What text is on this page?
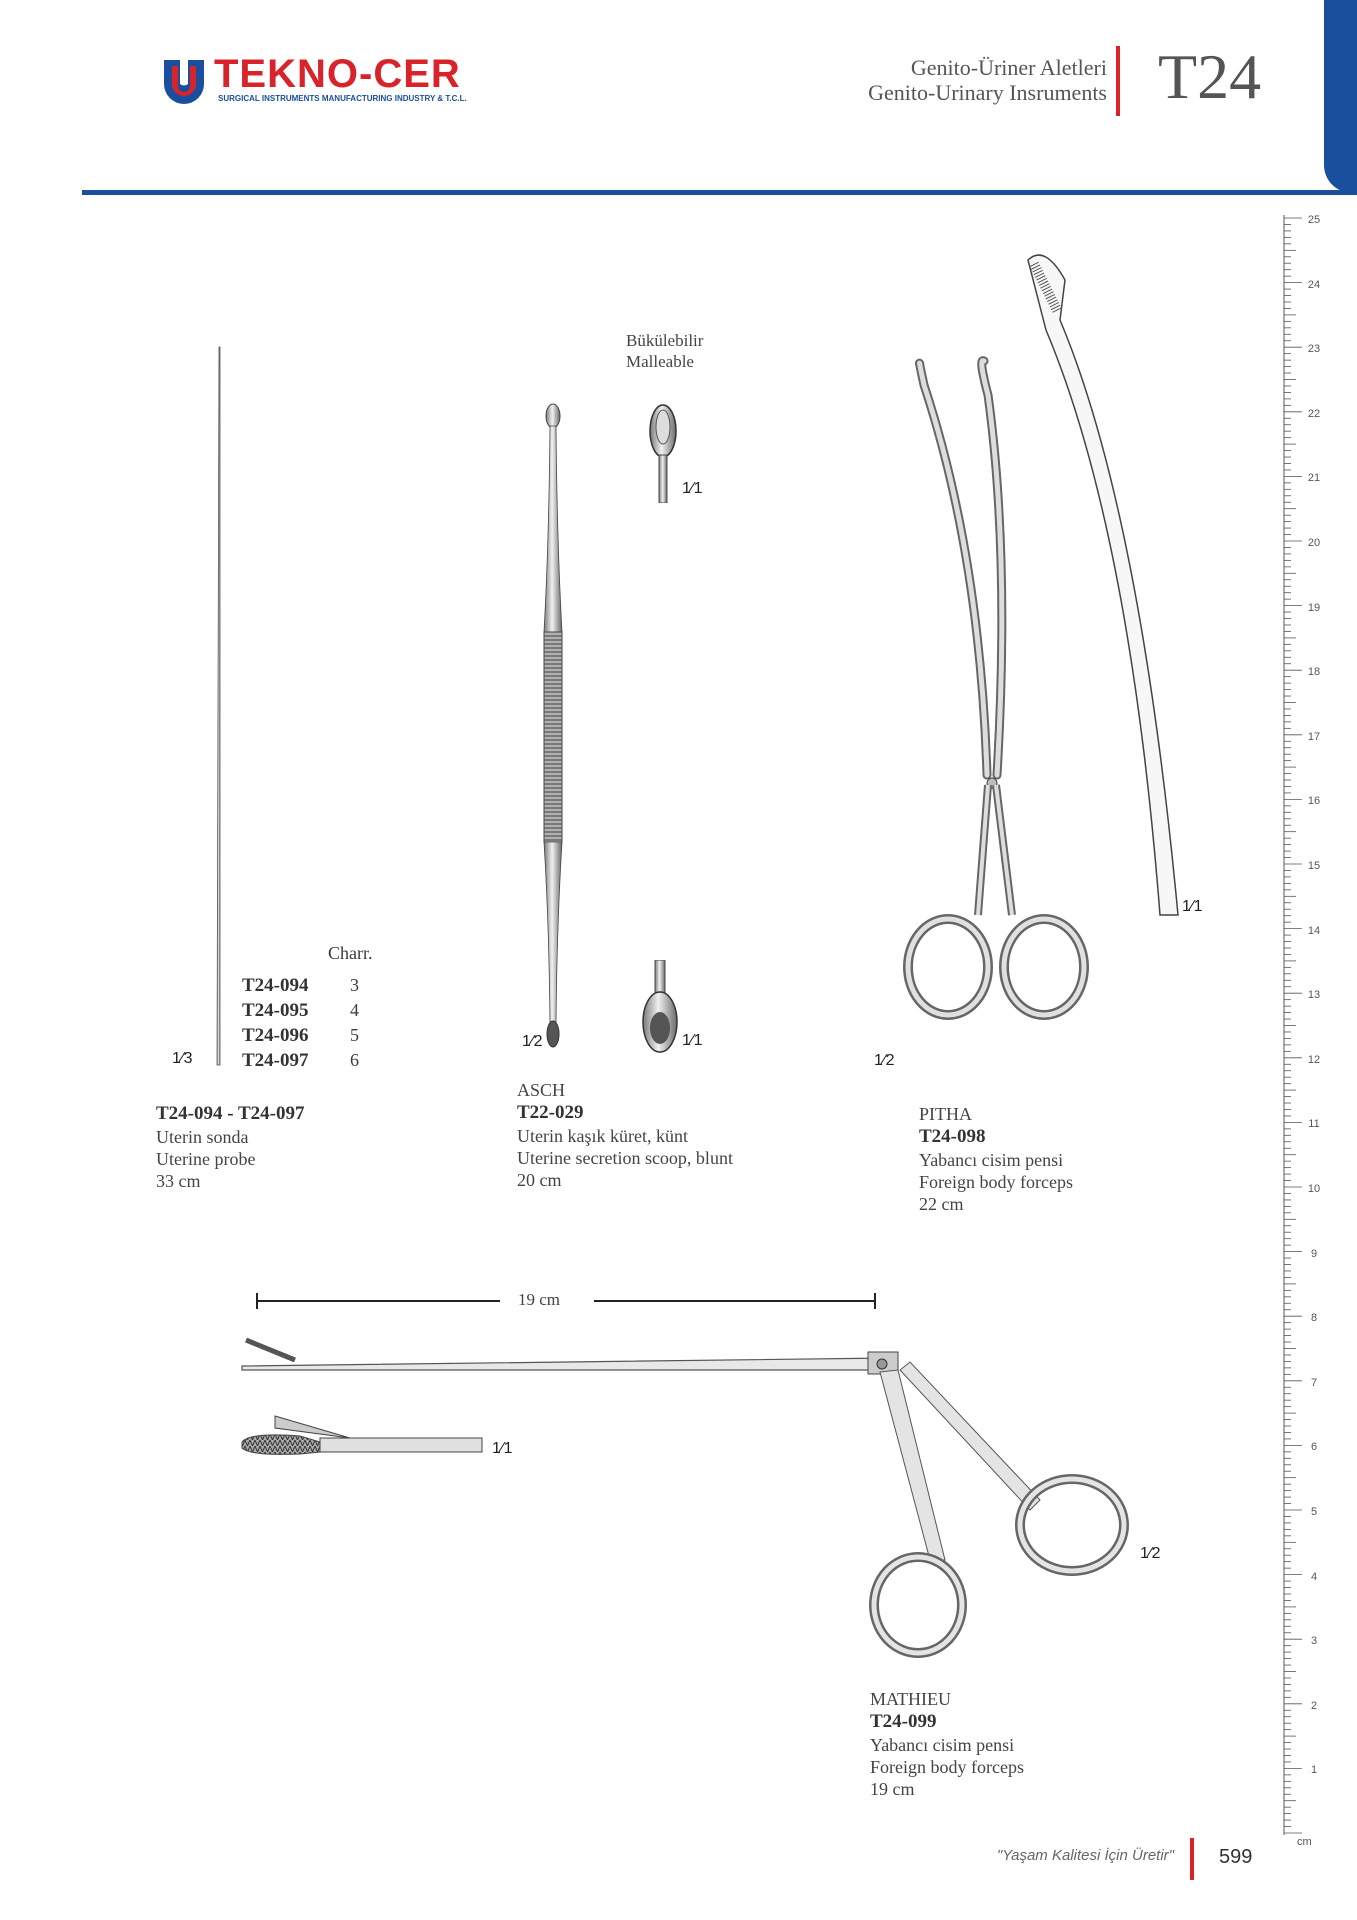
TEKNO-CER
SURGICAL INSTRUMENTS MANUFACTURING INDUSTRY & T.C.L.
Genito-Üriner Aletleri
Genito-Urinary Insruments T24
25
24
23
22
21
20
19
18
17
16
15
14
13
12
11
10
9
8
7
6
5
4
3
2
1
cm
1⁄3
Charr.
T24-094 3
T24-095 4
T24-096 5
T24-097 6
T24-094 - T24-097
Uterin sonda
Uterine probe
33 cm
Bükülebilir
Malleable
1⁄1
1⁄1
1⁄2
ASCH
T22-029
Uterin kaşık küret, künt
Uterine secretion scoop, blunt
20 cm
1⁄1
1⁄2
PITHA
T24-098
Yabancı cisim pensi
Foreign body forceps
22 cm
19 cm
1⁄1
1⁄2
MATHIEU
T24-099
Yabancı cisim pensi
Foreign body forceps
19 cm
"Yaşam Kalitesi İçin Üretir" 599
